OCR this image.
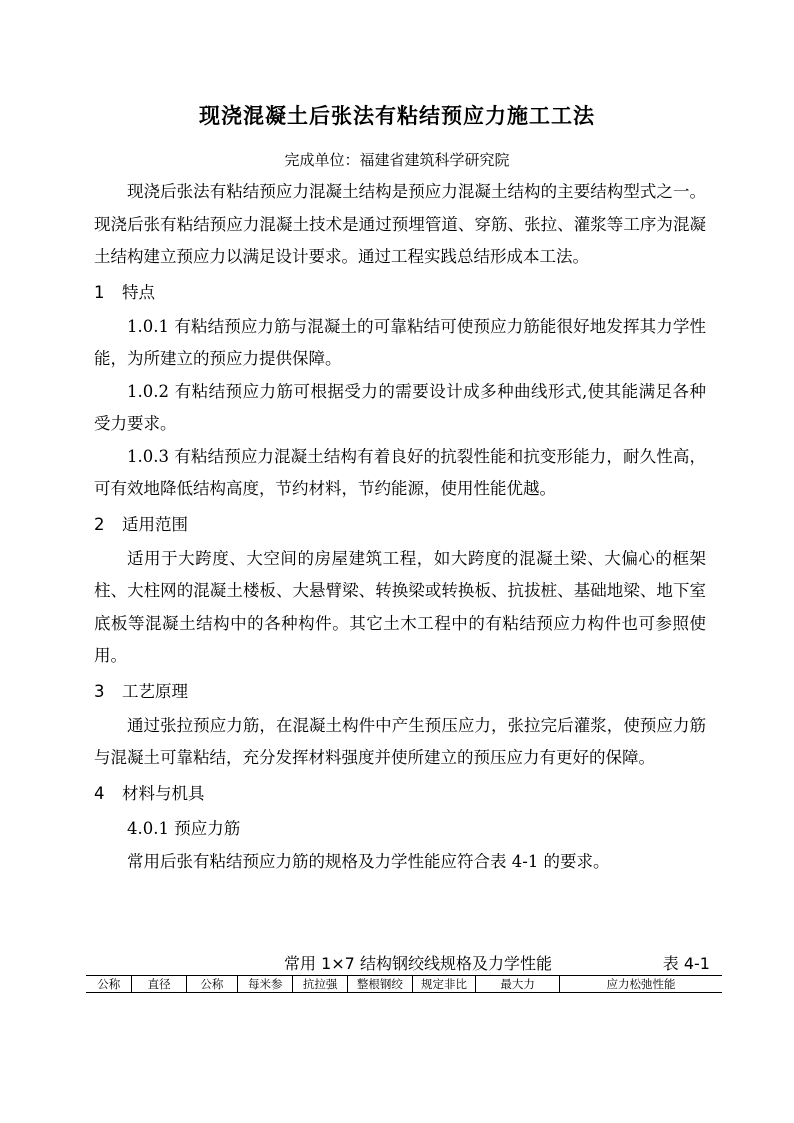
现浇混凝土后张法有粘结预应力施工工法
完成单位：福建省建筑科学研究院

现浇后张法有粘结预应力混凝土结构是预应力混凝土结构的主要结构型式之一。现浇后张有粘结预应力混凝土技术是通过预埋管道、穿筋、张拉、灌浆等工序为混凝土结构建立预应力以满足设计要求。通过工程实践总结形成本工法。

1 特点

1.0.1 有粘结预应力筋与混凝土的可靠粘结可使预应力筋能很好地发挥其力学性能，为所建立的预应力提供保障。

1.0.2 有粘结预应力筋可根据受力的需要设计成多种曲线形式,使其能满足各种受力要求。

1.0.3 有粘结预应力混凝土结构有着良好的抗裂性能和抗变形能力，耐久性高，可有效地降低结构高度，节约材料，节约能源，使用性能优越。

2 适用范围

适用于大跨度、大空间的房屋建筑工程，如大跨度的混凝土梁、大偏心的框架柱、大柱网的混凝土楼板、大悬臂梁、转换梁或转换板、抗拔桩、基础地梁、地下室底板等混凝土结构中的各种构件。其它土木工程中的有粘结预应力构件也可参照使用。

3 工艺原理

通过张拉预应力筋，在混凝土构件中产生预压应力，张拉完后灌浆，使预应力筋与混凝土可靠粘结，充分发挥材料强度并使所建立的预压应力有更好的保障。

4 材料与机具

4.0.1 预应力筋

常用后张有粘结预应力筋的规格及力学性能应符合表 4-1 的要求。

常用 1×7 结构钢绞线规格及力学性能	表 4-1
公称	直径	公称	每米参	抗拉强	整根钢绞	规定非比	最大力	应力松弛性能
